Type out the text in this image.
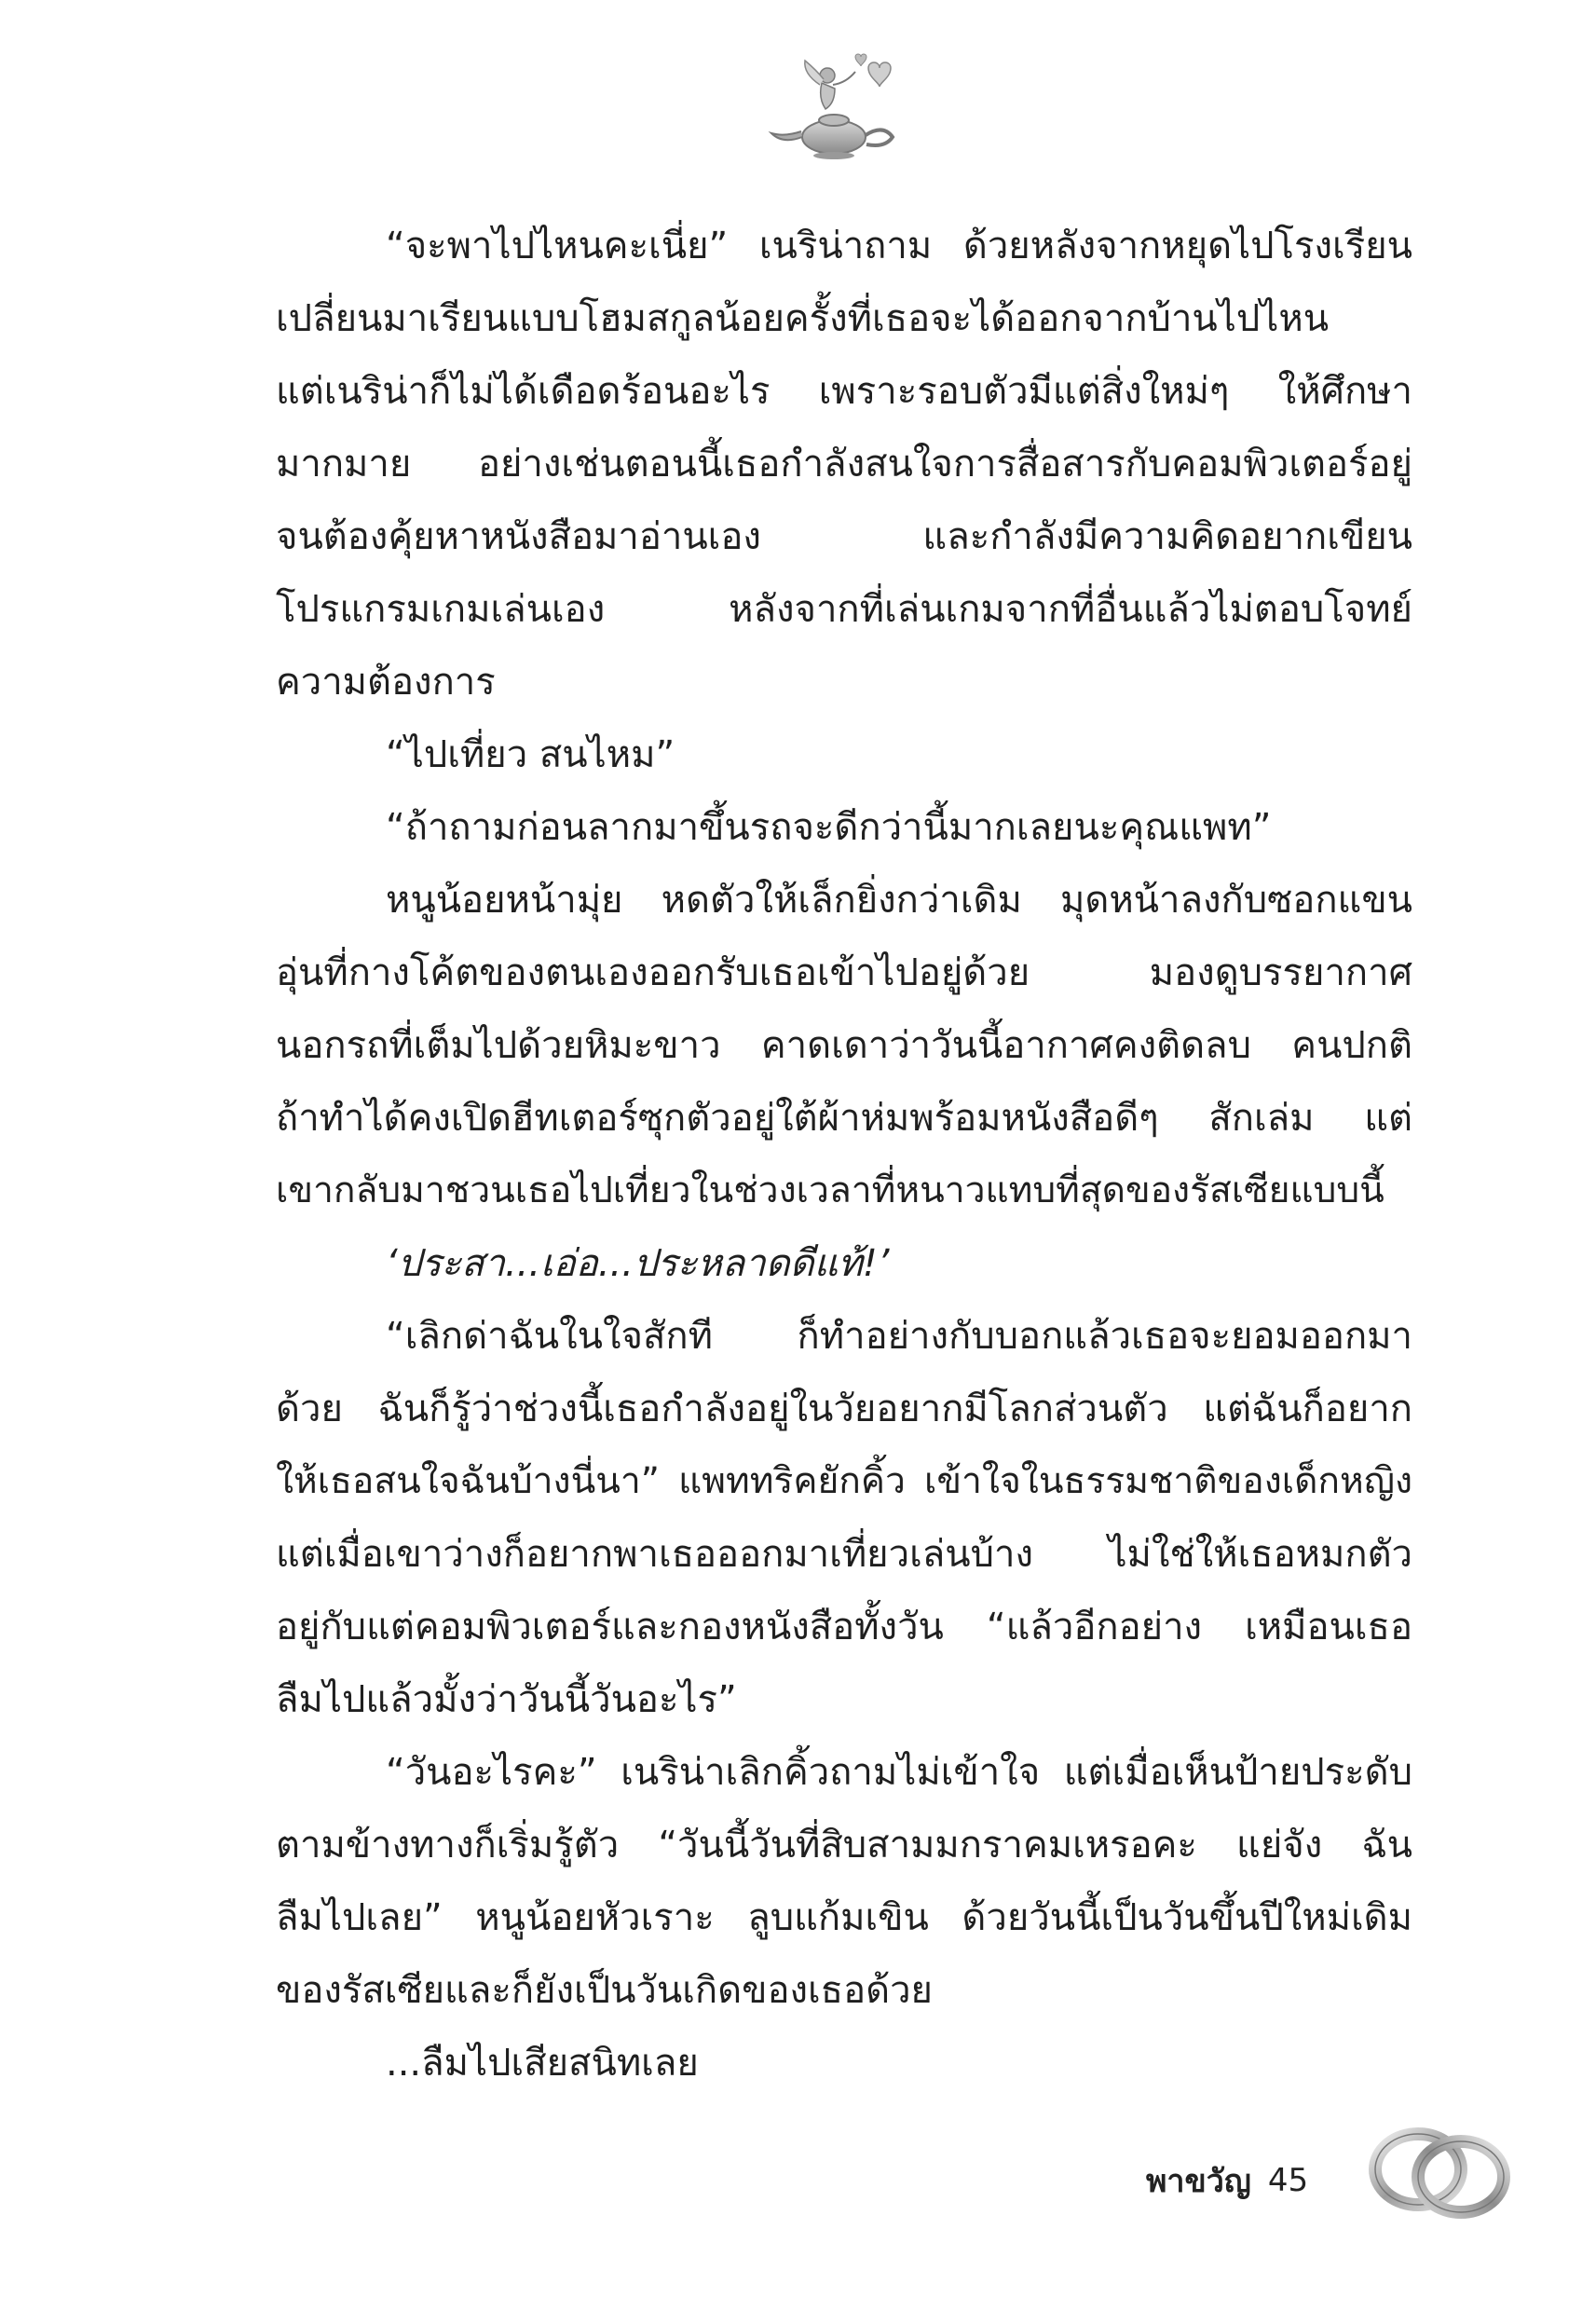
“จะพาไปไหนคะเนี่ย” เนริน่าถาม ด้วยหลังจากหยุดไปโรงเรียน
เปลี่ยนมาเรียนแบบโฮมสกูลน้อยครั้งที่เธอจะได้ออกจากบ้านไปไหน
แต่เนริน่าก็ไม่ได้เดือดร้อนอะไร เพราะรอบตัวมีแต่สิ่งใหม่ๆ ให้ศึกษา
มากมาย อย่างเช่นตอนนี้เธอกำลังสนใจการสื่อสารกับคอมพิวเตอร์อยู่
จนต้องคุ้ยหาหนังสือมาอ่านเอง และกำลังมีความคิดอยากเขียน
โปรแกรมเกมเล่นเอง หลังจากที่เล่นเกมจากที่อื่นแล้วไม่ตอบโจทย์
ความต้องการ
“ไปเที่ยว สนไหม”
“ถ้าถามก่อนลากมาขึ้นรถจะดีกว่านี้มากเลยนะคุณแพท”
หนูน้อยหน้ามุ่ย หดตัวให้เล็กยิ่งกว่าเดิม มุดหน้าลงกับซอกแขน
อุ่นที่กางโค้ตของตนเองออกรับเธอเข้าไปอยู่ด้วย มองดูบรรยากาศ
นอกรถที่เต็มไปด้วยหิมะขาว คาดเดาว่าวันนี้อากาศคงติดลบ คนปกติ
ถ้าทำได้คงเปิดฮีทเตอร์ซุกตัวอยู่ใต้ผ้าห่มพร้อมหนังสือดีๆ สักเล่ม แต่
เขากลับมาชวนเธอไปเที่ยวในช่วงเวลาที่หนาวแทบที่สุดของรัสเซียแบบนี้
‘ประสา...เอ่อ...ประหลาดดีแท้!’
“เลิกด่าฉันในใจสักที ก็ทำอย่างกับบอกแล้วเธอจะยอมออกมา
ด้วย ฉันก็รู้ว่าช่วงนี้เธอกำลังอยู่ในวัยอยากมีโลกส่วนตัว แต่ฉันก็อยาก
ให้เธอสนใจฉันบ้างนี่นา” แพททริคยักคิ้ว เข้าใจในธรรมชาติของเด็กหญิง
แต่เมื่อเขาว่างก็อยากพาเธอออกมาเที่ยวเล่นบ้าง ไม่ใช่ให้เธอหมกตัว
อยู่กับแต่คอมพิวเตอร์และกองหนังสือทั้งวัน “แล้วอีกอย่าง เหมือนเธอ
ลืมไปแล้วมั้งว่าวันนี้วันอะไร”
“วันอะไรคะ” เนริน่าเลิกคิ้วถามไม่เข้าใจ แต่เมื่อเห็นป้ายประดับ
ตามข้างทางก็เริ่มรู้ตัว “วันนี้วันที่สิบสามมกราคมเหรอคะ แย่จัง ฉัน
ลืมไปเลย” หนูน้อยหัวเราะ ลูบแก้มเขิน ด้วยวันนี้เป็นวันขึ้นปีใหม่เดิม
ของรัสเซียและก็ยังเป็นวันเกิดของเธอด้วย
...ลืมไปเสียสนิทเลย
พาขวัญ 45
